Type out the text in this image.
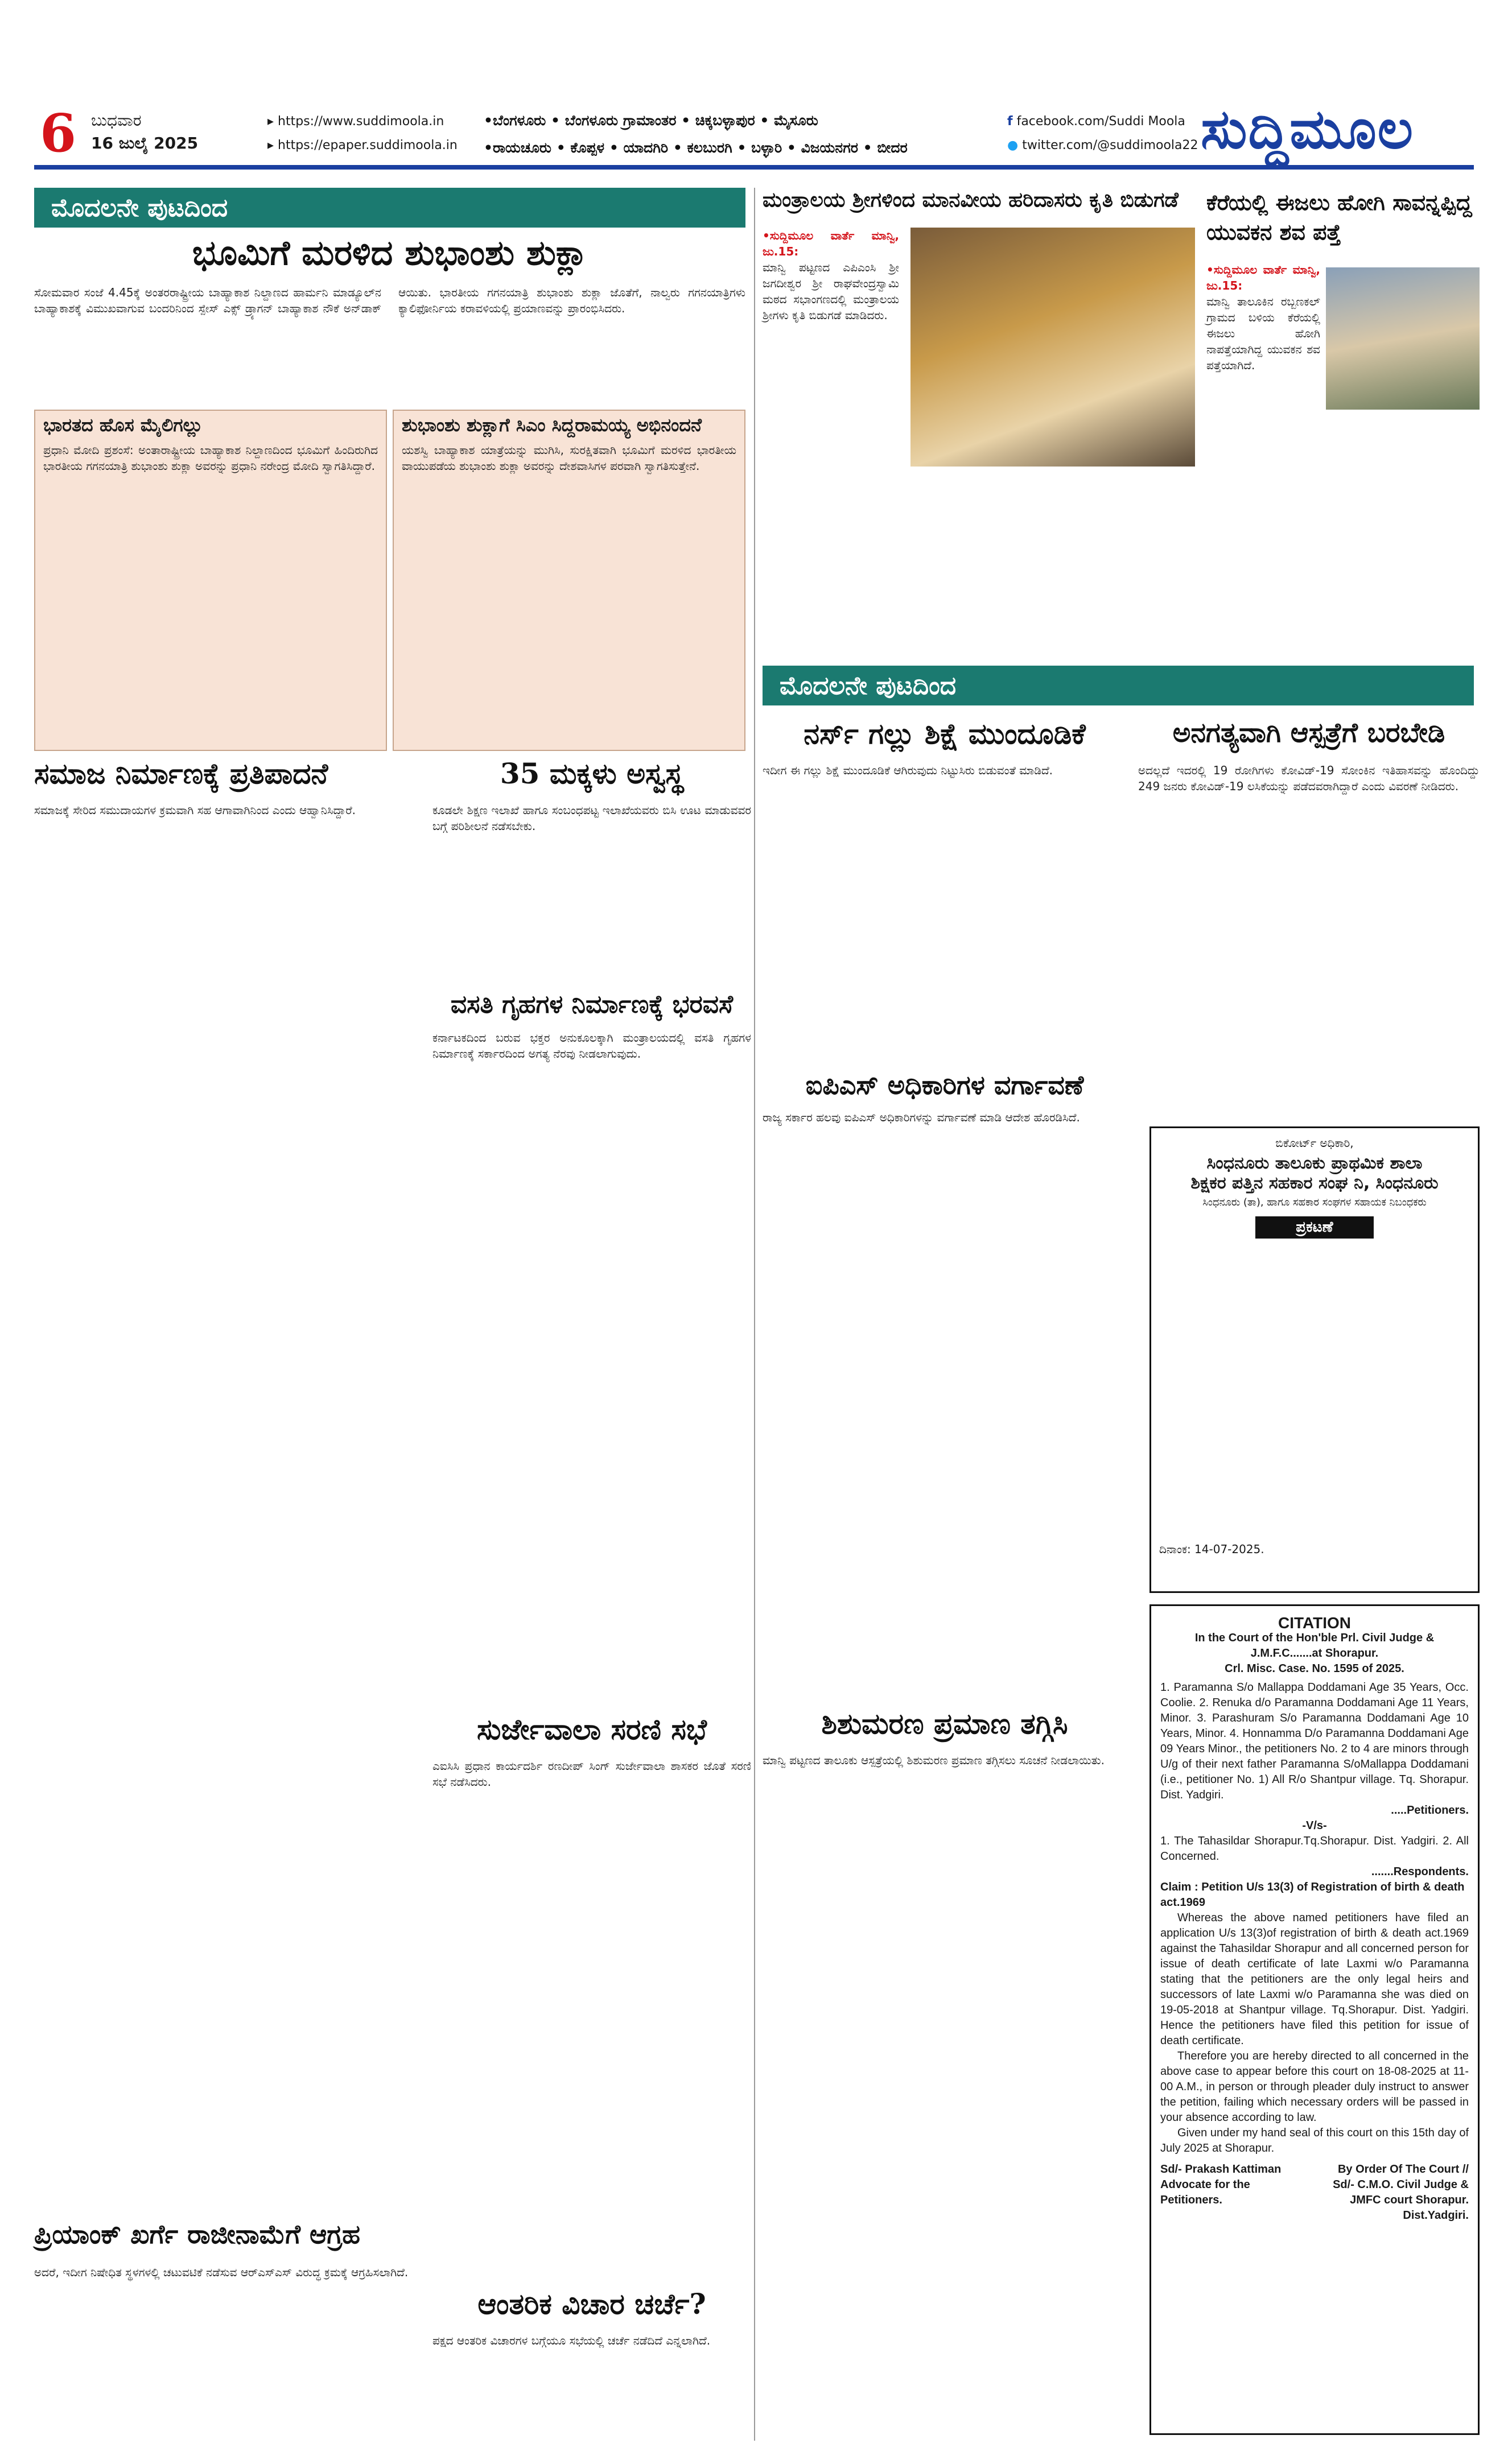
6 ಬುಧವಾರ
16 ಜುಲೈ 2025
▸ https://www.suddimoola.in
▸ https://epaper.suddimoola.in
•ಬೆಂಗಳೂರು • ಬೆಂಗಳೂರು ಗ್ರಾಮಾಂತರ • ಚಿಕ್ಕಬಳ್ಳಾಪುರ • ಮೈಸೂರು
•ರಾಯಚೂರು • ಕೊಪ್ಪಳ • ಯಾದಗಿರಿ • ಕಲಬುರಗಿ • ಬಳ್ಳಾರಿ • ವಿಜಯನಗರ • ಬೀದರ
f facebook.com/Suddi Moola
● twitter.com/@suddimoola22 ಸುದ್ದಿಮೂಲ
ಮೊದಲನೇ ಪುಟದಿಂದ
ಭೂಮಿಗೆ ಮರಳಿದ ಶುಭಾಂಶು ಶುಕ್ಲಾ
ಸೋಮವಾರ ಸಂಜೆ 4.45ಕ್ಕೆ ಅಂತರರಾಷ್ಟ್ರೀಯ ಬಾಹ್ಯಾಕಾಶ ನಿಲ್ದಾಣದ ಹಾರ್ಮನಿ ಮಾಡ್ಯೂಲ್‌ನ ಬಾಹ್ಯಾಕಾಶಕ್ಕೆ ವಿಮುಖವಾಗುವ ಬಂದರಿನಿಂದ ಸ್ಪೇಸ್ ಎಕ್ಸ್ ಡ್ರ್ಯಾಗನ್ ಬಾಹ್ಯಾಕಾಶ ನೌಕೆ ಅನ್‌ಡಾಕ್ ಆಯಿತು. ಭಾರತೀಯ ಗಗನಯಾತ್ರಿ ಶುಭಾಂಶು ಶುಕ್ಲಾ ಜೊತೆಗೆ, ನಾಲ್ವರು ಗಗನಯಾತ್ರಿಗಳು ಕ್ಯಾಲಿಫೋರ್ನಿಯ ಕರಾವಳಿಯಲ್ಲಿ ಪ್ರಯಾಣವನ್ನು ಪ್ರಾರಂಭಿಸಿದರು.
ಭಾರತದ ಹೊಸ ಮೈಲಿಗಲ್ಲು
ಪ್ರಧಾನಿ ಮೋದಿ ಪ್ರಶಂಸೆ: ಅಂತಾರಾಷ್ಟ್ರೀಯ ಬಾಹ್ಯಾಕಾಶ ನಿಲ್ದಾಣದಿಂದ ಭೂಮಿಗೆ ಹಿಂದಿರುಗಿದ ಭಾರತೀಯ ಗಗನಯಾತ್ರಿ ಶುಭಾಂಶು ಶುಕ್ಲಾ ಅವರನ್ನು ಪ್ರಧಾನಿ ನರೇಂದ್ರ ಮೋದಿ ಸ್ವಾಗತಿಸಿದ್ದಾರೆ.
ಶುಭಾಂಶು ಶುಕ್ಲಾಗೆ ಸಿಎಂ ಸಿದ್ದರಾಮಯ್ಯ ಅಭಿನಂದನೆ
ಯಶಸ್ವಿ ಬಾಹ್ಯಾಕಾಶ ಯಾತ್ರೆಯನ್ನು ಮುಗಿಸಿ, ಸುರಕ್ಷಿತವಾಗಿ ಭೂಮಿಗೆ ಮರಳಿದ ಭಾರತೀಯ ವಾಯುಪಡೆಯ ಶುಭಾಂಶು ಶುಕ್ಲಾ ಅವರನ್ನು ದೇಶವಾಸಿಗಳ ಪರವಾಗಿ ಸ್ವಾಗತಿಸುತ್ತೇನೆ.
ಸಮಾಜ ನಿರ್ಮಾಣಕ್ಕೆ ಪ್ರತಿಪಾದನೆ
ಸಮಾಜಕ್ಕೆ ಸೇರಿದ ಸಮುದಾಯಗಳ ಕ್ರಮವಾಗಿ ಸಹ ಆಗಾವಾಗಿನಿಂದ ಎಂದು ಆಹ್ವಾನಿಸಿದ್ದಾರೆ.
35 ಮಕ್ಕಳು ಅಸ್ವಸ್ಥ
ಕೂಡಲೇ ಶಿಕ್ಷಣ ಇಲಾಖೆ ಹಾಗೂ ಸಂಬಂಧಪಟ್ಟ ಇಲಾಖೆಯವರು ಬಿಸಿ ಊಟ ಮಾಡುವವರ ಬಗ್ಗೆ ಪರಿಶೀಲನೆ ನಡೆಸಬೇಕು.
ವಸತಿ ಗೃಹಗಳ ನಿರ್ಮಾಣಕ್ಕೆ ಭರವಸೆ
ಕರ್ನಾಟಕದಿಂದ ಬರುವ ಭಕ್ತರ ಅನುಕೂಲಕ್ಕಾಗಿ ಮಂತ್ರಾಲಯದಲ್ಲಿ ವಸತಿ ಗೃಹಗಳ ನಿರ್ಮಾಣಕ್ಕೆ ಸರ್ಕಾರದಿಂದ ಅಗತ್ಯ ನೆರವು ನೀಡಲಾಗುವುದು.
ಸುರ್ಜೇವಾಲಾ ಸರಣಿ ಸಭೆ
ಎಐಸಿಸಿ ಪ್ರಧಾನ ಕಾರ್ಯದರ್ಶಿ ರಣದೀಪ್ ಸಿಂಗ್ ಸುರ್ಜೇವಾಲಾ ಶಾಸಕರ ಜೊತೆ ಸರಣಿ ಸಭೆ ನಡೆಸಿದರು.
ಆಂತರಿಕ ವಿಚಾರ ಚರ್ಚೆ?
ಪಕ್ಷದ ಆಂತರಿಕ ವಿಚಾರಗಳ ಬಗ್ಗೆಯೂ ಸಭೆಯಲ್ಲಿ ಚರ್ಚೆ ನಡೆದಿದೆ ಎನ್ನಲಾಗಿದೆ.
ಪ್ರಿಯಾಂಕ್ ಖರ್ಗೆ ರಾಜೀನಾಮೆಗೆ ಆಗ್ರಹ
ಅದರೆ, ಇದೀಗ ನಿಷೇಧಿತ ಸ್ಥಳಗಳಲ್ಲಿ ಚಟುವಟಿಕೆ ನಡೆಸುವ ಆರ್‌ಎಸ್‌ಎಸ್ ವಿರುದ್ಧ ಕ್ರಮಕ್ಕೆ ಆಗ್ರಹಿಸಲಾಗಿದೆ.
ಮಂತ್ರಾಲಯ ಶ್ರೀಗಳಿಂದ ಮಾನವೀಯ ಹರಿದಾಸರು ಕೃತಿ ಬಿಡುಗಡೆ
•ಸುದ್ದಿಮೂಲ ವಾರ್ತೆ ಮಾನ್ವಿ, ಜು.15:
ಮಾನ್ವಿ ಪಟ್ಟಣದ ಎಪಿಎಂಸಿ ಶ್ರೀ ಜಗದೀಶ್ವರ ಶ್ರೀ ರಾಘವೇಂದ್ರಸ್ವಾಮಿ ಮಠದ ಸಭಾಂಗಣದಲ್ಲಿ ಮಂತ್ರಾಲಯ ಶ್ರೀಗಳು ಕೃತಿ ಬಿಡುಗಡೆ ಮಾಡಿದರು.
ಕೆರೆಯಲ್ಲಿ ಈಜಲು ಹೋಗಿ ಸಾವನ್ನಪ್ಪಿದ್ದ ಯುವಕನ ಶವ ಪತ್ತೆ
•ಸುದ್ದಿಮೂಲ ವಾರ್ತೆ ಮಾನ್ವಿ, ಜು.15:
ಮಾನ್ವಿ ತಾಲೂಕಿನ ರಬ್ಬಣಕಲ್ ಗ್ರಾಮದ ಬಳಿಯ ಕೆರೆಯಲ್ಲಿ ಈಜಲು ಹೋಗಿ ನಾಪತ್ತೆಯಾಗಿದ್ದ ಯುವಕನ ಶವ ಪತ್ತೆಯಾಗಿದೆ.
ಮೊದಲನೇ ಪುಟದಿಂದ
ನರ್ಸ್ ಗಲ್ಲು ಶಿಕ್ಷೆ ಮುಂದೂಡಿಕೆ
ಇದೀಗ ಈ ಗಲ್ಲು ಶಿಕ್ಷೆ ಮುಂದೂಡಿಕೆ ಆಗಿರುವುದು ನಿಟ್ಟುಸಿರು ಬಿಡುವಂತೆ ಮಾಡಿದೆ.
ಐಪಿಎಸ್ ಅಧಿಕಾರಿಗಳ ವರ್ಗಾವಣೆ
ರಾಜ್ಯ ಸರ್ಕಾರ ಹಲವು ಐಪಿಎಸ್ ಅಧಿಕಾರಿಗಳನ್ನು ವರ್ಗಾವಣೆ ಮಾಡಿ ಆದೇಶ ಹೊರಡಿಸಿದೆ.
ಶಿಶುಮರಣ ಪ್ರಮಾಣ ತಗ್ಗಿಸಿ
ಮಾನ್ವಿ ಪಟ್ಟಣದ ತಾಲೂಕು ಆಸ್ಪತ್ರೆಯಲ್ಲಿ ಶಿಶುಮರಣ ಪ್ರಮಾಣ ತಗ್ಗಿಸಲು ಸೂಚನೆ ನೀಡಲಾಯಿತು.
ಅನಗತ್ಯವಾಗಿ ಆಸ್ಪತ್ರೆಗೆ ಬರಬೇಡಿ
ಅದಲ್ಲದೆ ಇದರಲ್ಲಿ 19 ರೋಗಿಗಳು ಕೋವಿಡ್‌-19 ಸೋಂಕಿನ ಇತಿಹಾಸವನ್ನು ಹೊಂದಿದ್ದು 249 ಜನರು ಕೋವಿಡ್‌-19 ಲಸಿಕೆಯನ್ನು ಪಡೆದವರಾಗಿದ್ದಾರೆ ಎಂದು ವಿವರಣೆ ನೀಡಿದರು.
ಬಿಕೋರ್ಟ್ ಅಧಿಕಾರಿ,
ಸಿಂಧನೂರು ತಾಲೂಕು ಪ್ರಾಥಮಿಕ ಶಾಲಾ
ಶಿಕ್ಷಕರ ಪತ್ತಿನ ಸಹಕಾರ ಸಂಘ ನಿ, ಸಿಂಧನೂರು
ಸಿಂಧನೂರು (ತಾ), ಹಾಗೂ ಸಹಕಾರ ಸಂಘಗಳ ಸಹಾಯಕ ನಿಬಂಧಕರು
ಪ್ರಕಟಣೆ
ದಿನಾಂಕ: 14-07-2025.
CITATION
In the Court of the Hon'ble Prl. Civil Judge & J.M.F.C.......at Shorapur.
Crl. Misc. Case. No. 1595 of 2025.
1. Paramanna S/o Mallappa Doddamani Age 35 Years, Occ. Coolie. 2. Renuka d/o Paramanna Doddamani Age 11 Years, Minor. 3. Parashuram S/o Paramanna Doddamani Age 10 Years, Minor. 4. Honnamma D/o Paramanna Doddamani Age 09 Years Minor., the petitioners No. 2 to 4 are minors through U/g of their next father Paramanna S/oMallappa Doddamani (i.e., petitioner No. 1) All R/o Shantpur village. Tq. Shorapur. Dist. Yadgiri.
.....Petitioners.
-V/s-
1. The Tahasildar Shorapur.Tq.Shorapur. Dist. Yadgiri. 2. All Concerned.
.......Respondents.
Claim : Petition U/s 13(3) of Registration of birth & death act.1969
Whereas the above named petitioners have filed an application U/s 13(3)of registration of birth & death act.1969 against the Tahasildar Shorapur and all concerned person for issue of death certificate of late Laxmi w/o Paramanna stating that the petitioners are the only legal heirs and successors of late Laxmi w/o Paramanna she was died on 19-05-2018 at Shantpur village. Tq.Shorapur. Dist. Yadgiri. Hence the petitioners have filed this petition for issue of death certificate.
Therefore you are hereby directed to all concerned in the above case to appear before this court on 18-08-2025 at 11-00 A.M., in person or through pleader duly instruct to answer the petition, failing which necessary orders will be passed in your absence according to law.
Given under my hand seal of this court on this 15th day of July 2025 at Shorapur.
Sd/- Prakash Kattiman Advocate for the Petitioners.
By Order Of The Court // Sd/- C.M.O. Civil Judge & JMFC court Shorapur. Dist.Yadgiri.
